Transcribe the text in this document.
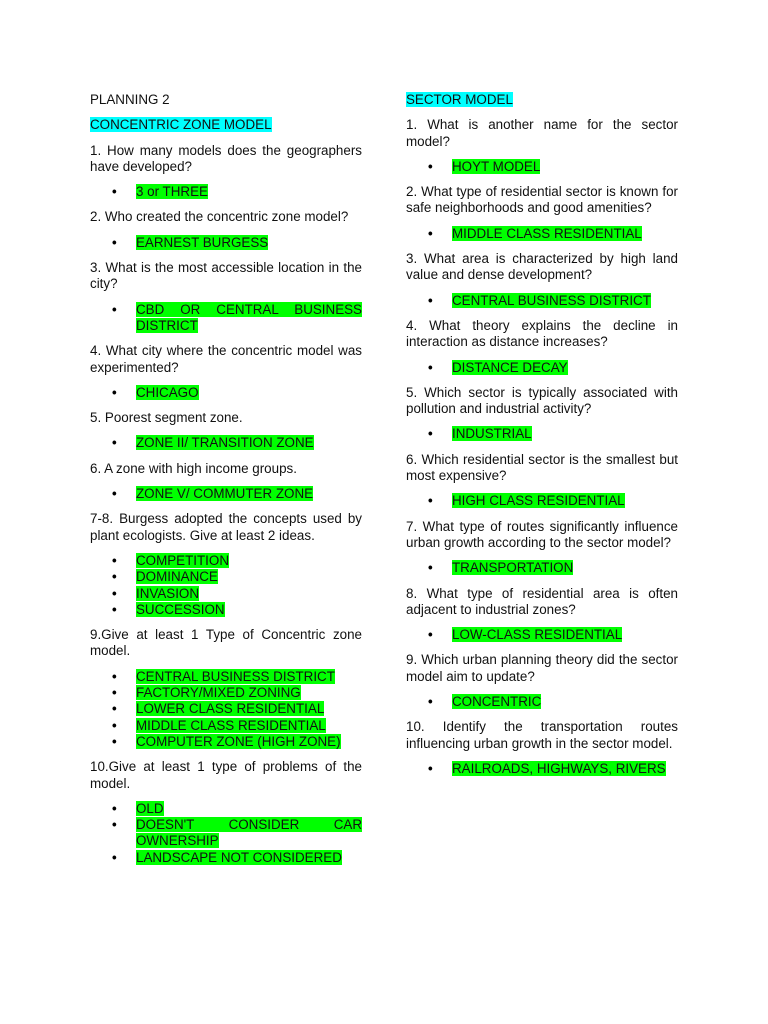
PLANNING 2
CONCENTRIC ZONE MODEL
1. How many models does the geographers have developed?
• 3 or THREE
2. Who created the concentric zone model?
• EARNEST BURGESS
3. What is the most accessible location in the city?
• CBD OR CENTRAL BUSINESS DISTRICT
4. What city where the concentric model was experimented?
• CHICAGO
5. Poorest segment zone.
• ZONE II/ TRANSITION ZONE
6. A zone with high income groups.
• ZONE V/ COMMUTER ZONE
7-8. Burgess adopted the concepts used by plant ecologists. Give at least 2 ideas.
• COMPETITION
• DOMINANCE
• INVASION
• SUCCESSION
9.Give at least 1 Type of Concentric zone model.
• CENTRAL BUSINESS DISTRICT
• FACTORY/MIXED ZONING
• LOWER CLASS RESIDENTIAL
• MIDDLE CLASS RESIDENTIAL
• COMPUTER ZONE (HIGH ZONE)
10.Give at least 1 type of problems of the model.
• OLD
• DOESN'T CONSIDER CAR OWNERSHIP
• LANDSCAPE NOT CONSIDERED
SECTOR MODEL
1. What is another name for the sector model?
• HOYT MODEL
2. What type of residential sector is known for safe neighborhoods and good amenities?
• MIDDLE CLASS RESIDENTIAL
3. What area is characterized by high land value and dense development?
• CENTRAL BUSINESS DISTRICT
4. What theory explains the decline in interaction as distance increases?
• DISTANCE DECAY
5. Which sector is typically associated with pollution and industrial activity?
• INDUSTRIAL
6. Which residential sector is the smallest but most expensive?
• HIGH CLASS RESIDENTIAL
7. What type of routes significantly influence urban growth according to the sector model?
• TRANSPORTATION
8. What type of residential area is often adjacent to industrial zones?
• LOW-CLASS RESIDENTIAL
9. Which urban planning theory did the sector model aim to update?
• CONCENTRIC
10. Identify the transportation routes influencing urban growth in the sector model.
• RAILROADS, HIGHWAYS, RIVERS
